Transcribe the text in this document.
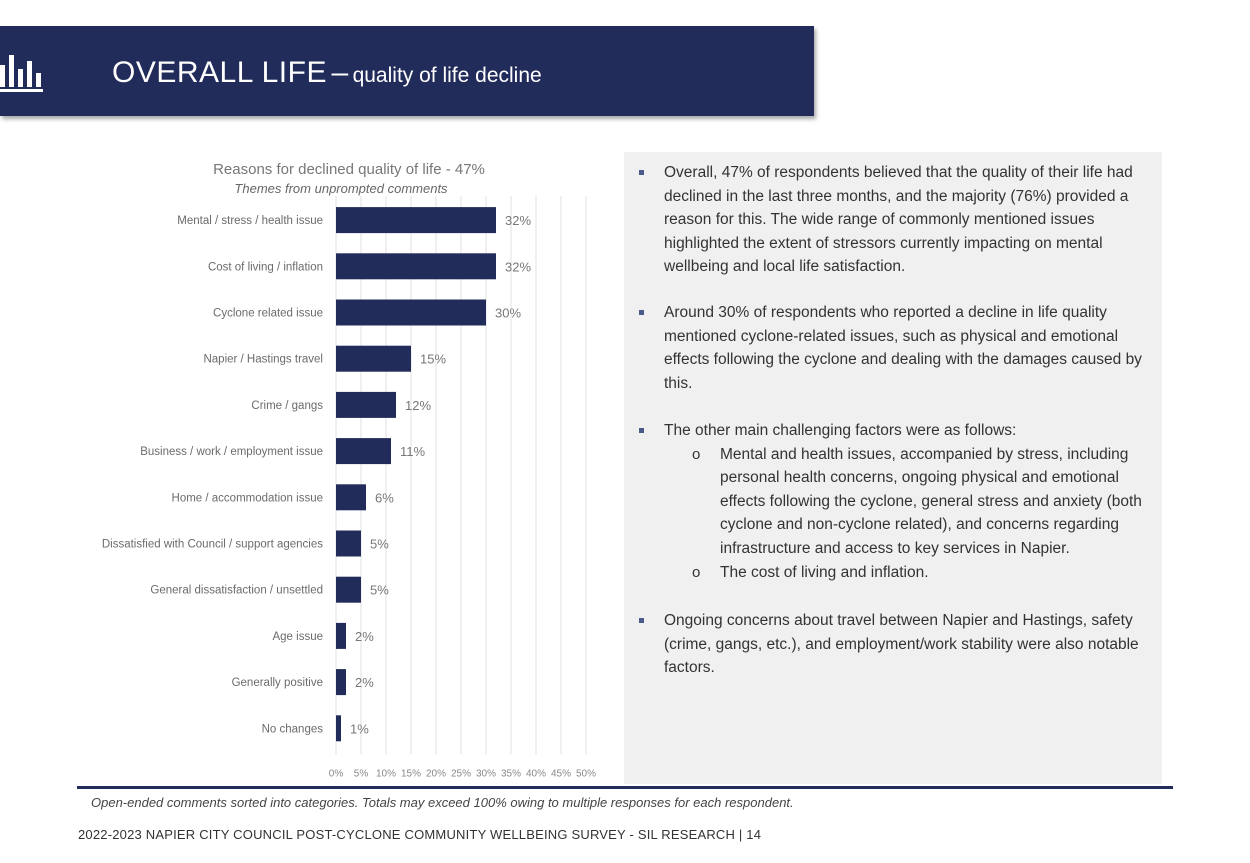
OVERALL LIFE – quality of life decline
Reasons for declined quality of life - 47%
Themes from unprompted comments
Mental / stress / health issue	32%
Cost of living / inflation	32%
Cyclone related issue	30%
Napier / Hastings travel	15%
Crime / gangs	12%
Business / work / employment issue	11%
Home / accommodation issue	6%
Dissatisfied with Council / support agencies	5%
General dissatisfaction / unsettled	5%
Age issue 2%
Generally positive 2%
No changes 1%
0% 5% 10% 15% 20% 25% 30% 35% 40% 45% 50%
Overall, 47% of respondents believed that the quality of their life had declined in the last three months, and the majority (76%) provided a reason for this. The wide range of commonly mentioned issues highlighted the extent of stressors currently impacting on mental wellbeing and local life satisfaction.
Around 30% of respondents who reported a decline in life quality mentioned cyclone-related issues, such as physical and emotional effects following the cyclone and dealing with the damages caused by this.
The other main challenging factors were as follows:
o Mental and health issues, accompanied by stress, including personal health concerns, ongoing physical and emotional effects following the cyclone, general stress and anxiety (both cyclone and non-cyclone related), and concerns regarding infrastructure and access to key services in Napier.
o The cost of living and inflation.
Ongoing concerns about travel between Napier and Hastings, safety (crime, gangs, etc.), and employment/work stability were also notable factors.
Open-ended comments sorted into categories. Totals may exceed 100% owing to multiple responses for each respondent.
2022-2023 NAPIER CITY COUNCIL POST-CYCLONE COMMUNITY WELLBEING SURVEY - SIL RESEARCH | 14
